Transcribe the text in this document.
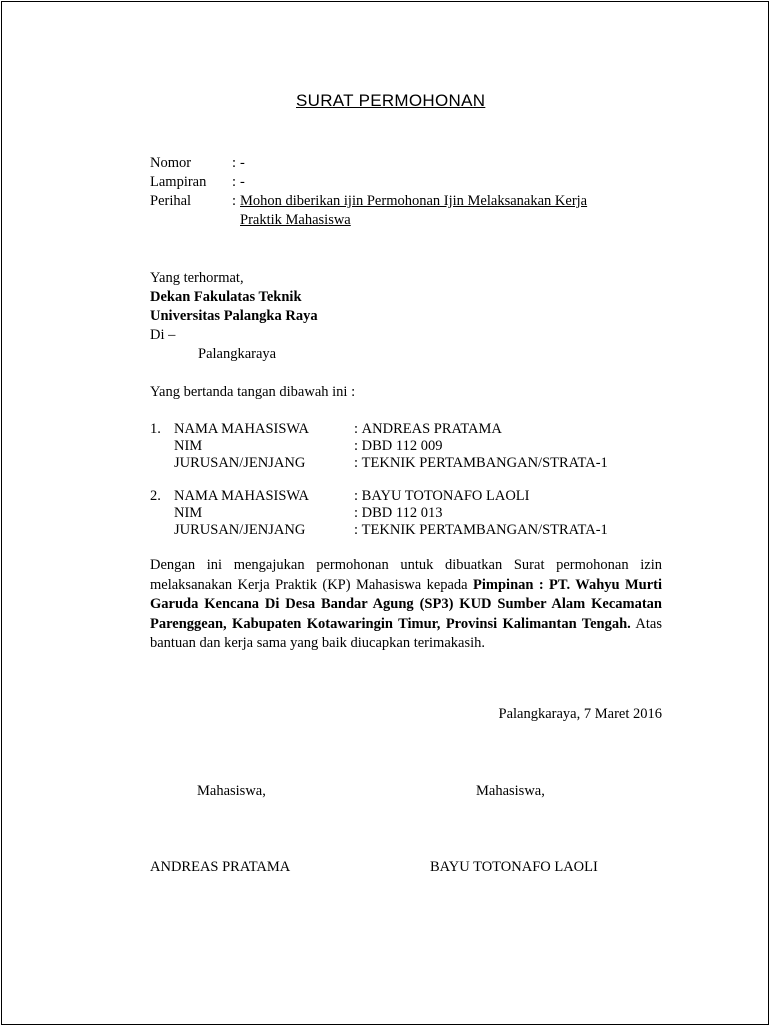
SURAT PERMOHONAN
Nomor	: -
Lampiran : -
Perihal	: Mohon diberikan ijin Permohonan Ijin Melaksanakan Kerja
Praktik Mahasiswa
Yang terhormat,
Dekan Fakulatas Teknik
Universitas Palangka Raya
Di –
Palangkaraya
Yang bertanda tangan dibawah ini :
1. NAMA MAHASISWA	: ANDREAS PRATAMA
NIM	: DBD 112 009
JURUSAN/JENJANG	: TEKNIK PERTAMBANGAN/STRATA-1
2. NAMA MAHASISWA	: BAYU TOTONAFO LAOLI
NIM	: DBD 112 013
JURUSAN/JENJANG	: TEKNIK PERTAMBANGAN/STRATA-1
Dengan ini mengajukan permohonan untuk dibuatkan Surat permohonan izin melaksanakan Kerja Praktik (KP) Mahasiswa kepada Pimpinan : PT. Wahyu Murti Garuda Kencana Di Desa Bandar Agung (SP3) KUD Sumber Alam Kecamatan Parenggean, Kabupaten Kotawaringin Timur, Provinsi Kalimantan Tengah. Atas bantuan dan kerja sama yang baik diucapkan terimakasih.
Palangkaraya, 7 Maret 2016
Mahasiswa,	Mahasiswa,
ANDREAS PRATAMA	BAYU TOTONAFO LAOLI
